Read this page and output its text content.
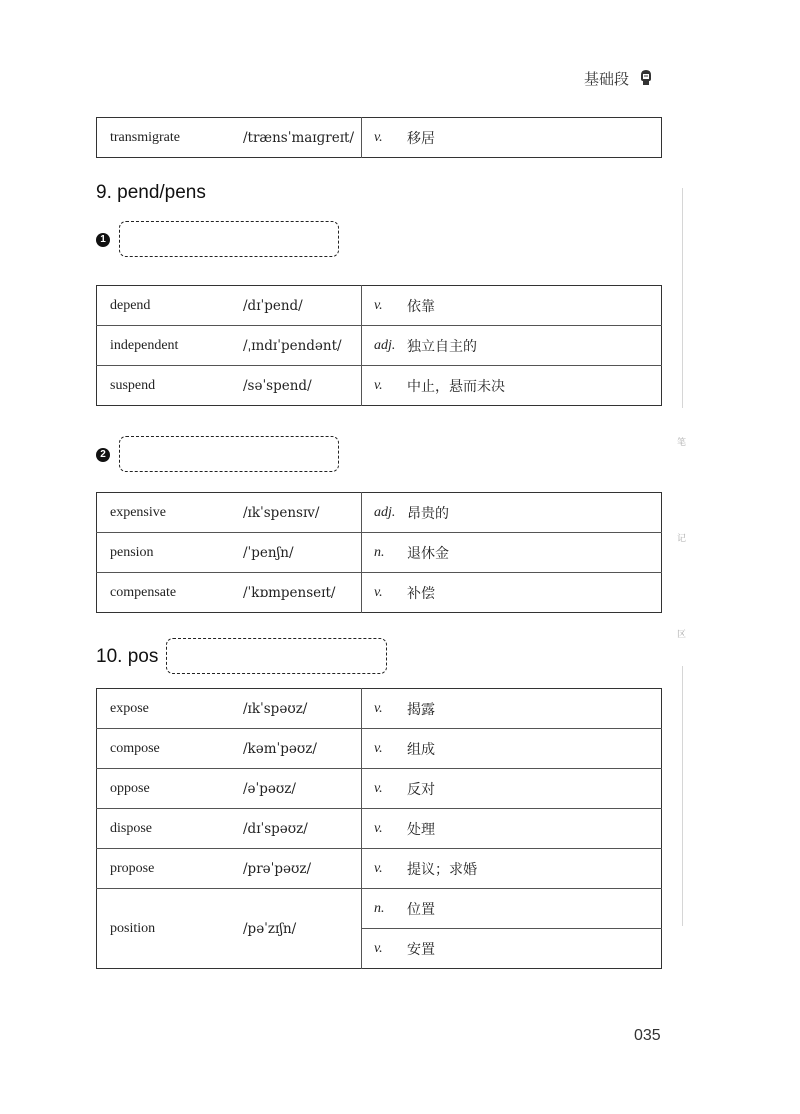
基础段
transmigrate	/trænsˈmaɪɡreɪt/	v.	移居
9. pend/pens
1
depend	/dɪˈpend/	v.	依靠
independent	/ˌɪndɪˈpendənt/	adj.	独立自主的
suspend	/səˈspend/	v.	中止，悬而未决
2
expensive	/ɪkˈspensɪv/	adj.	昂贵的
pension	/ˈpenʃn/	n.	退休金
compensate	/ˈkɒmpenseɪt/	v.	补偿
10. pos
expose	/ɪkˈspəʊz/	v.	揭露
compose	/kəmˈpəʊz/	v.	组成
oppose	/əˈpəʊz/	v.	反对
dispose	/dɪˈspəʊz/	v.	处理
propose	/prəˈpəʊz/	v.	提议；求婚
position	/pəˈzɪʃn/	n.	位置
		v.	安置
笔
记
区
035
